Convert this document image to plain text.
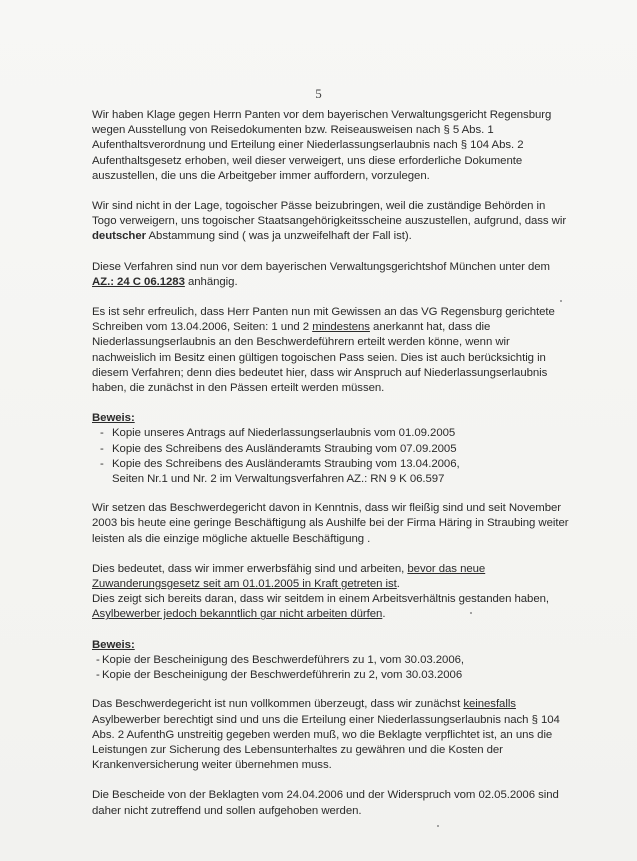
5

Wir haben Klage gegen Herrn Panten vor dem bayerischen Verwaltungsgericht Regensburg wegen Ausstellung von Reisedokumenten bzw. Reiseausweisen nach § 5 Abs. 1 Aufenthaltsverordnung und Erteilung einer Niederlassungserlaubnis nach § 104 Abs. 2 Aufenthaltsgesetz erhoben, weil dieser verweigert, uns diese erforderliche Dokumente auszustellen, die uns die Arbeitgeber immer auffordern, vorzulegen.

Wir sind nicht in der Lage, togoischer Pässe beizubringen, weil die zuständige Behörden in Togo verweigern, uns togoischer Staatsangehörigkeitsscheine auszustellen, aufgrund, dass wir deutscher Abstammung sind ( was ja unzweifelhaft der Fall ist).

Diese Verfahren sind nun vor dem bayerischen Verwaltungsgerichtshof München unter dem AZ.: 24 C 06.1283 anhängig.

Es ist sehr erfreulich, dass Herr Panten nun mit Gewissen an das VG Regensburg gerichtete Schreiben vom 13.04.2006, Seiten: 1 und 2 mindestens anerkannt hat, dass die Niederlassungserlaubnis an den Beschwerdeführern erteilt werden könne, wenn wir nachweislich im Besitz einen gültigen togoischen Pass seien. Dies ist auch berücksichtig in diesem Verfahren; denn dies bedeutet hier, dass wir Anspruch auf Niederlassungserlaubnis haben, die zunächst in den Pässen erteilt werden müssen.

Beweis:
- Kopie unseres Antrags auf Niederlassungserlaubnis vom 01.09.2005
- Kopie des Schreibens des Ausländeramts Straubing vom 07.09.2005
- Kopie des Schreibens des Ausländeramts Straubing vom 13.04.2006,
Seiten Nr.1 und Nr. 2 im Verwaltungsverfahren AZ.: RN 9 K 06.597

Wir setzen das Beschwerdegericht davon in Kenntnis, dass wir fleißig sind und seit November 2003 bis heute eine geringe Beschäftigung als Aushilfe bei der Firma Häring in Straubing weiter leisten als die einzige mögliche aktuelle Beschäftigung .

Dies bedeutet, dass wir immer erwerbsfähig sind und arbeiten, bevor das neue Zuwanderungsgesetz seit am 01.01.2005 in Kraft getreten ist.
Dies zeigt sich bereits daran, dass wir seitdem in einem Arbeitsverhältnis gestanden haben, Asylbewerber jedoch bekanntlich gar nicht arbeiten dürfen.

Beweis:
- Kopie der Bescheinigung des Beschwerdeführers zu 1, vom 30.03.2006,
- Kopie der Bescheinigung der Beschwerdeführerin zu 2, vom 30.03.2006

Das Beschwerdegericht ist nun vollkommen überzeugt, dass wir zunächst keinesfalls Asylbewerber berechtigt sind und uns die Erteilung einer Niederlassungserlaubnis nach § 104 Abs. 2 AufenthG unstreitig gegeben werden muß, wo die Beklagte verpflichtet ist, an uns die Leistungen zur Sicherung des Lebensunterhaltes zu gewähren und die Kosten der Krankenversicherung weiter übernehmen muss.

Die Bescheide von der Beklagten vom 24.04.2006 und der Widerspruch vom 02.05.2006 sind daher nicht zutreffend und sollen aufgehoben werden.
